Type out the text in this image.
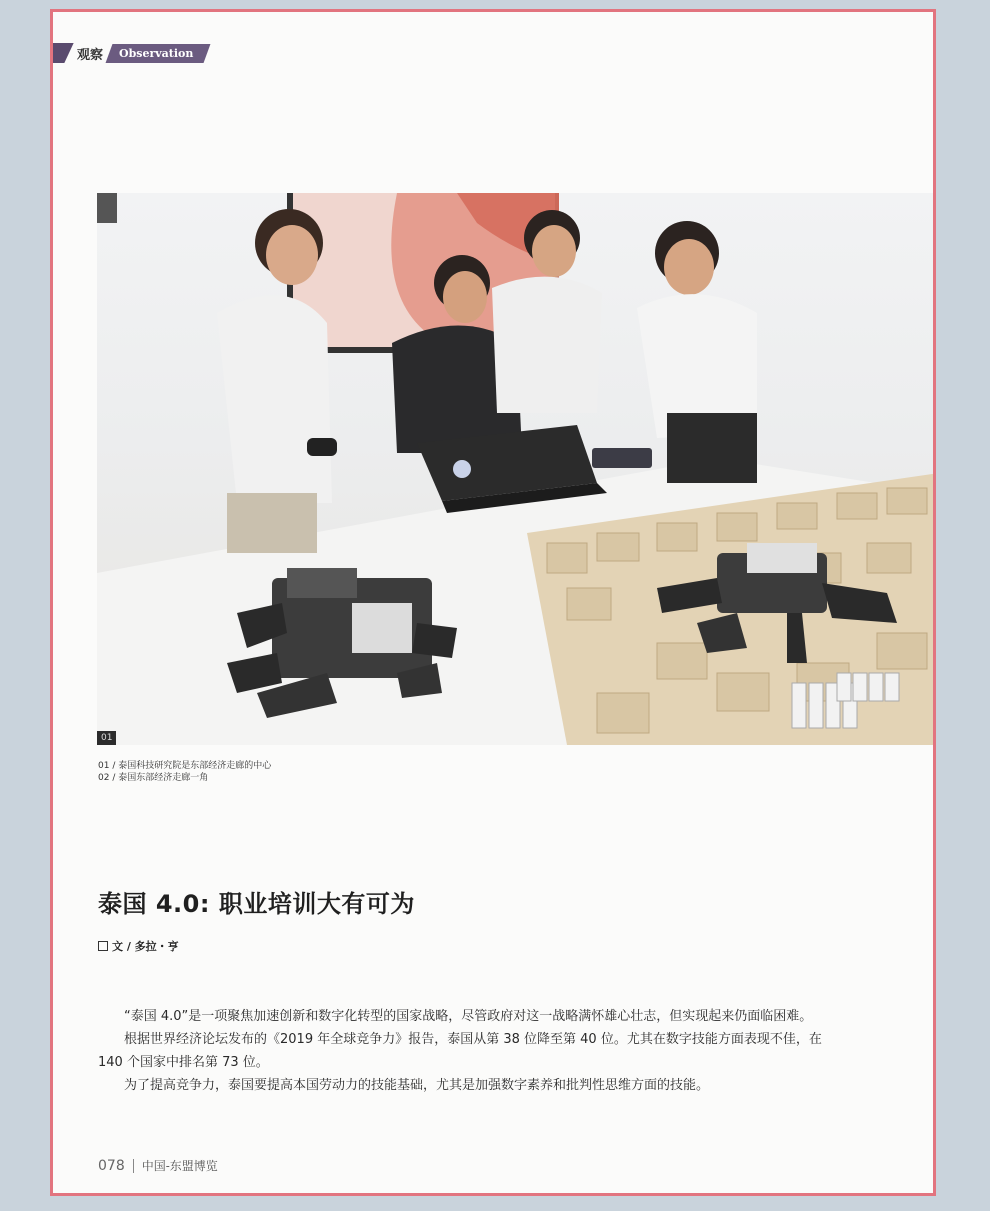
观察	Observation
01
01 / 泰国科技研究院是东部经济走廊的中心
02 / 泰国东部经济走廊一角
泰国 4.0: 职业培训大有可为
文 / 多拉・亨

“泰国 4.0”是一项聚焦加速创新和数字化转型的国家战略，尽管政府对这一战略满怀雄心壮志，但实现起来仍面临困难。

根据世界经济论坛发布的《2019 年全球竞争力》报告，泰国从第 38 位降至第 40 位。尤其在数字技能方面表现不佳，在 140 个国家中排名第 73 位。

为了提高竞争力，泰国要提高本国劳动力的技能基础，尤其是加强数字素养和批判性思维方面的技能。

078 中国-东盟博览
